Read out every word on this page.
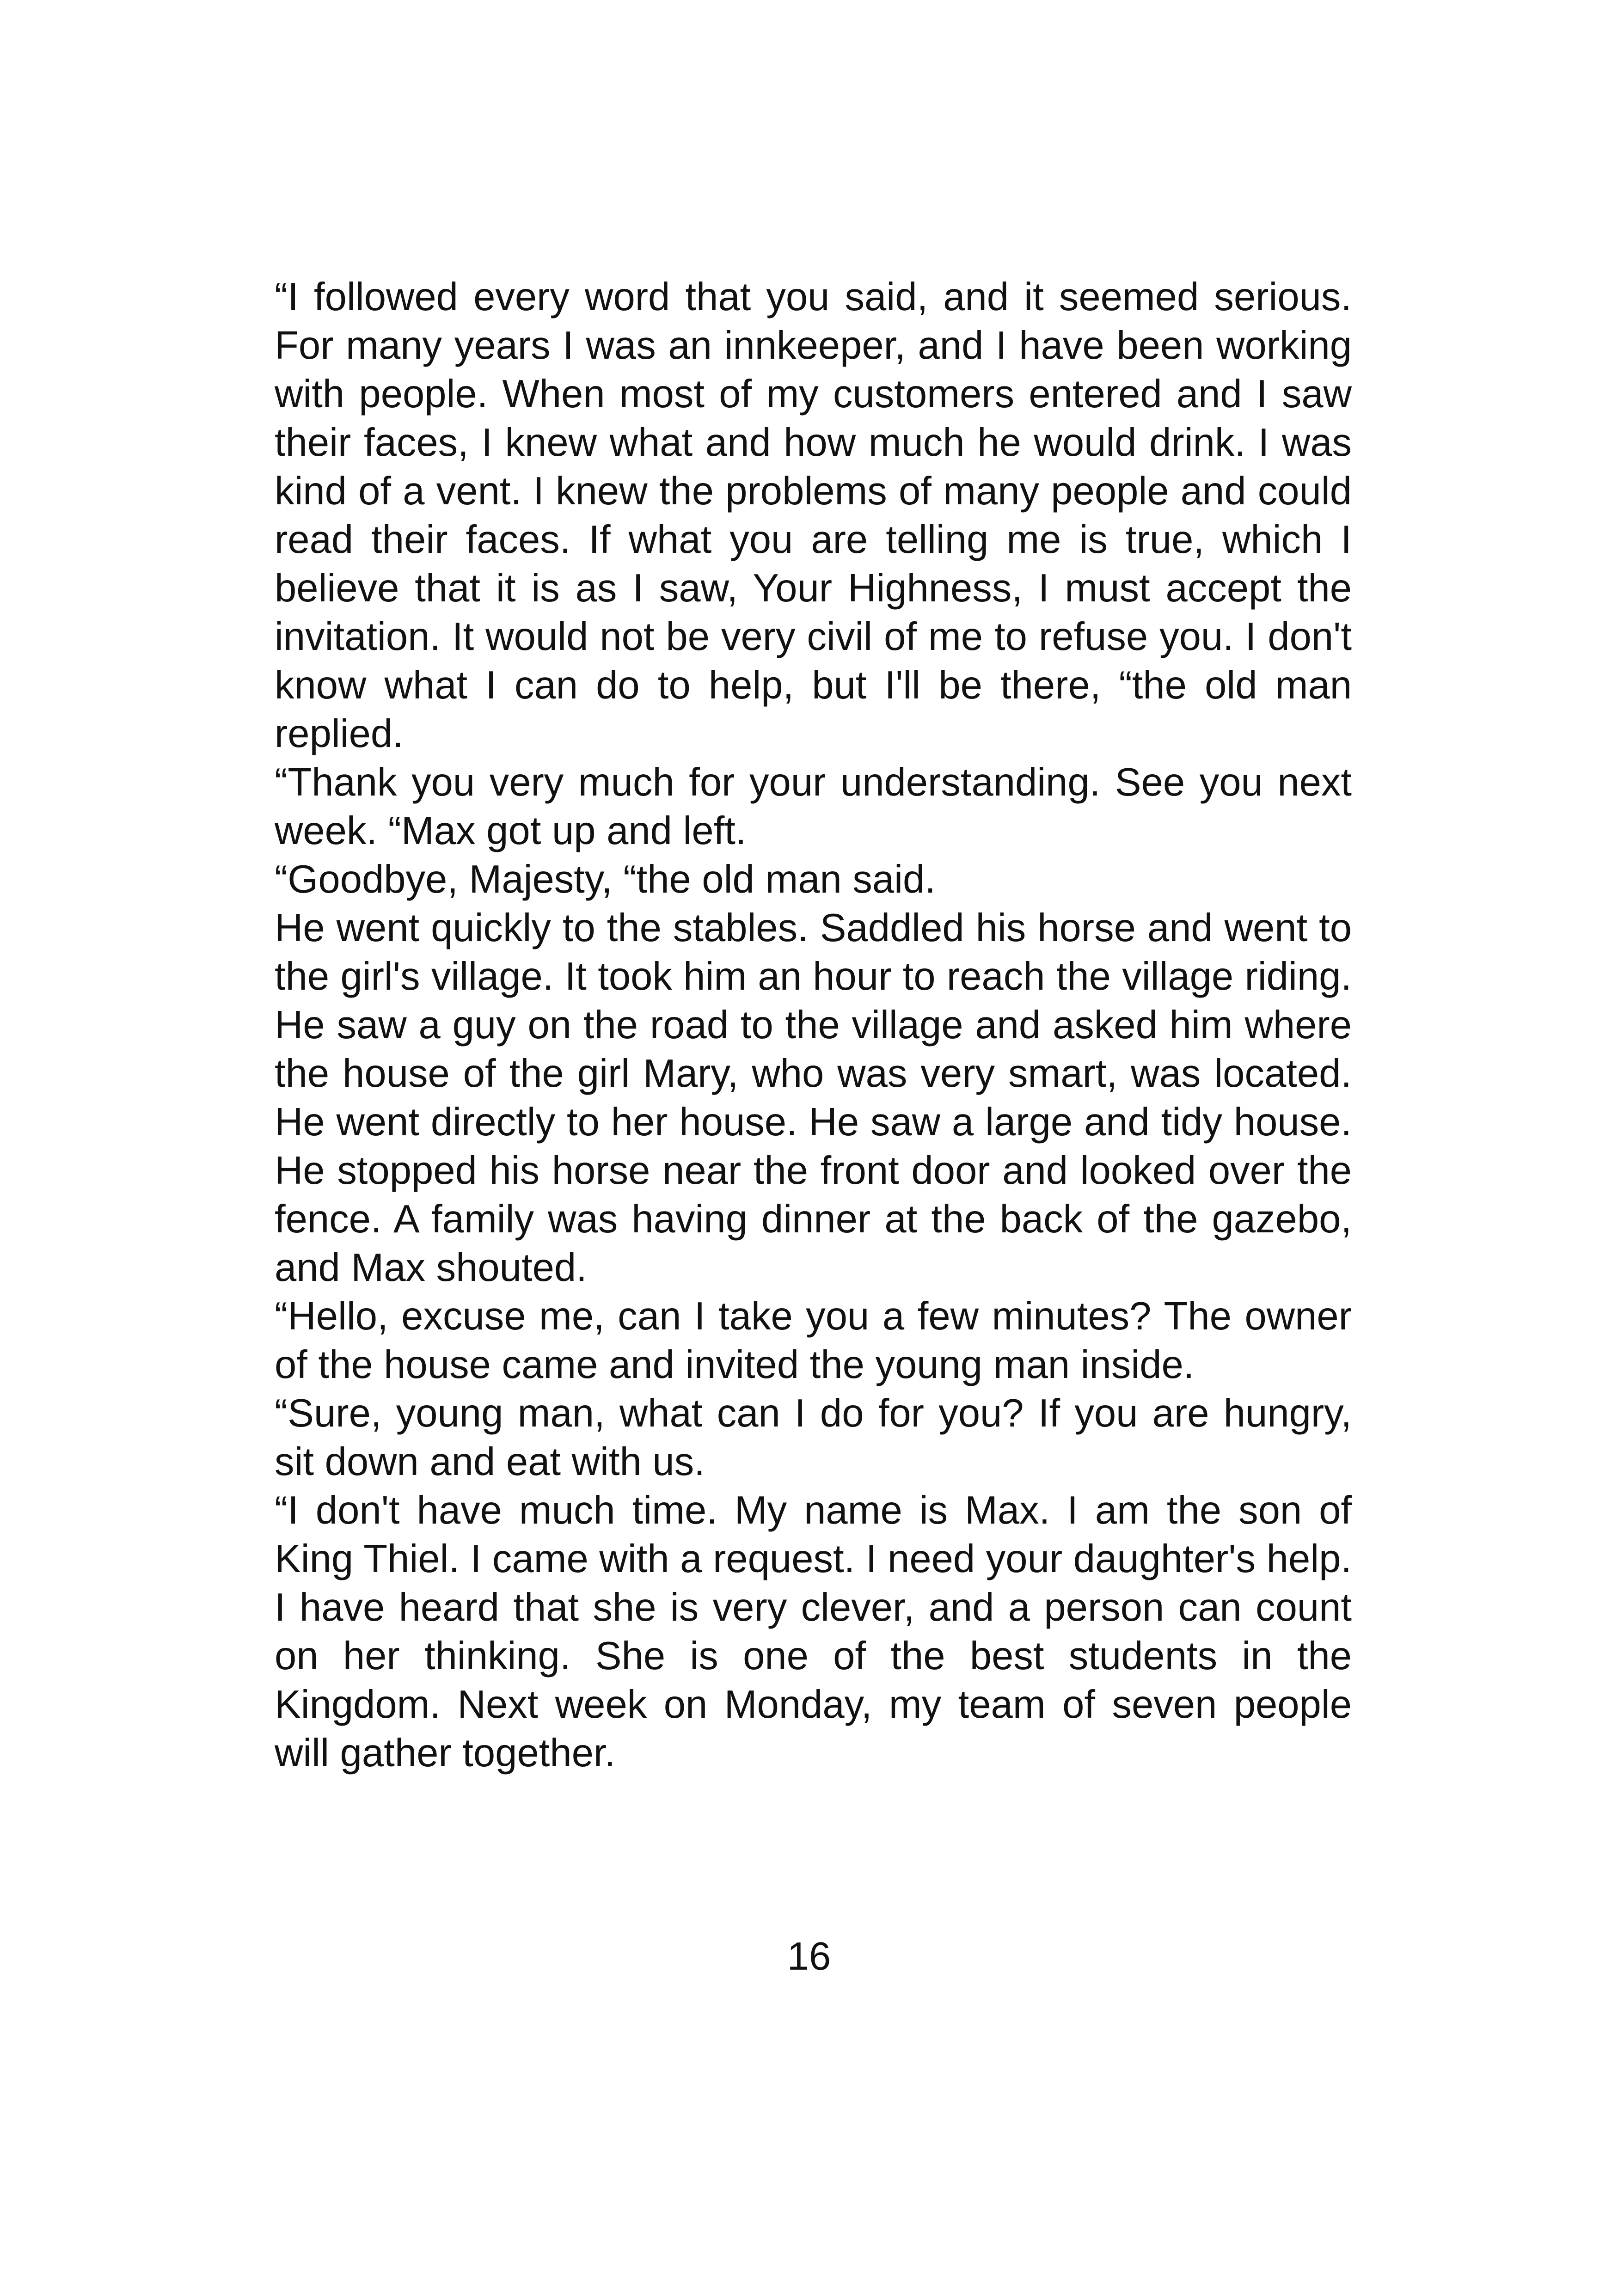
“I followed every word that you said, and it seemed serious. For many years I was an innkeeper, and I have been working with people. When most of my customers entered and I saw their faces, I knew what and how much he would drink. I was kind of a vent. I knew the problems of many people and could read their faces. If what you are telling me is true, which I believe that it is as I saw, Your Highness, I must accept the invitation. It would not be very civil of me to refuse you. I don't know what I can do to help, but I'll be there, “the old man replied.

“Thank you very much for your understanding. See you next week. “Max got up and left.

“Goodbye, Majesty, “the old man said.

He went quickly to the stables. Saddled his horse and went to the girl's village. It took him an hour to reach the village riding. He saw a guy on the road to the village and asked him where the house of the girl Mary, who was very smart, was located. He went directly to her house. He saw a large and tidy house. He stopped his horse near the front door and looked over the fence. A family was having dinner at the back of the gazebo, and Max shouted.

“Hello, excuse me, can I take you a few minutes? The owner of the house came and invited the young man inside.

“Sure, young man, what can I do for you? If you are hungry, sit down and eat with us.

“I don't have much time. My name is Max. I am the son of King Thiel. I came with a request. I need your daughter's help. I have heard that she is very clever, and a person can count on her thinking. She is one of the best students in the Kingdom. Next week on Monday, my team of seven people will gather together.

16
